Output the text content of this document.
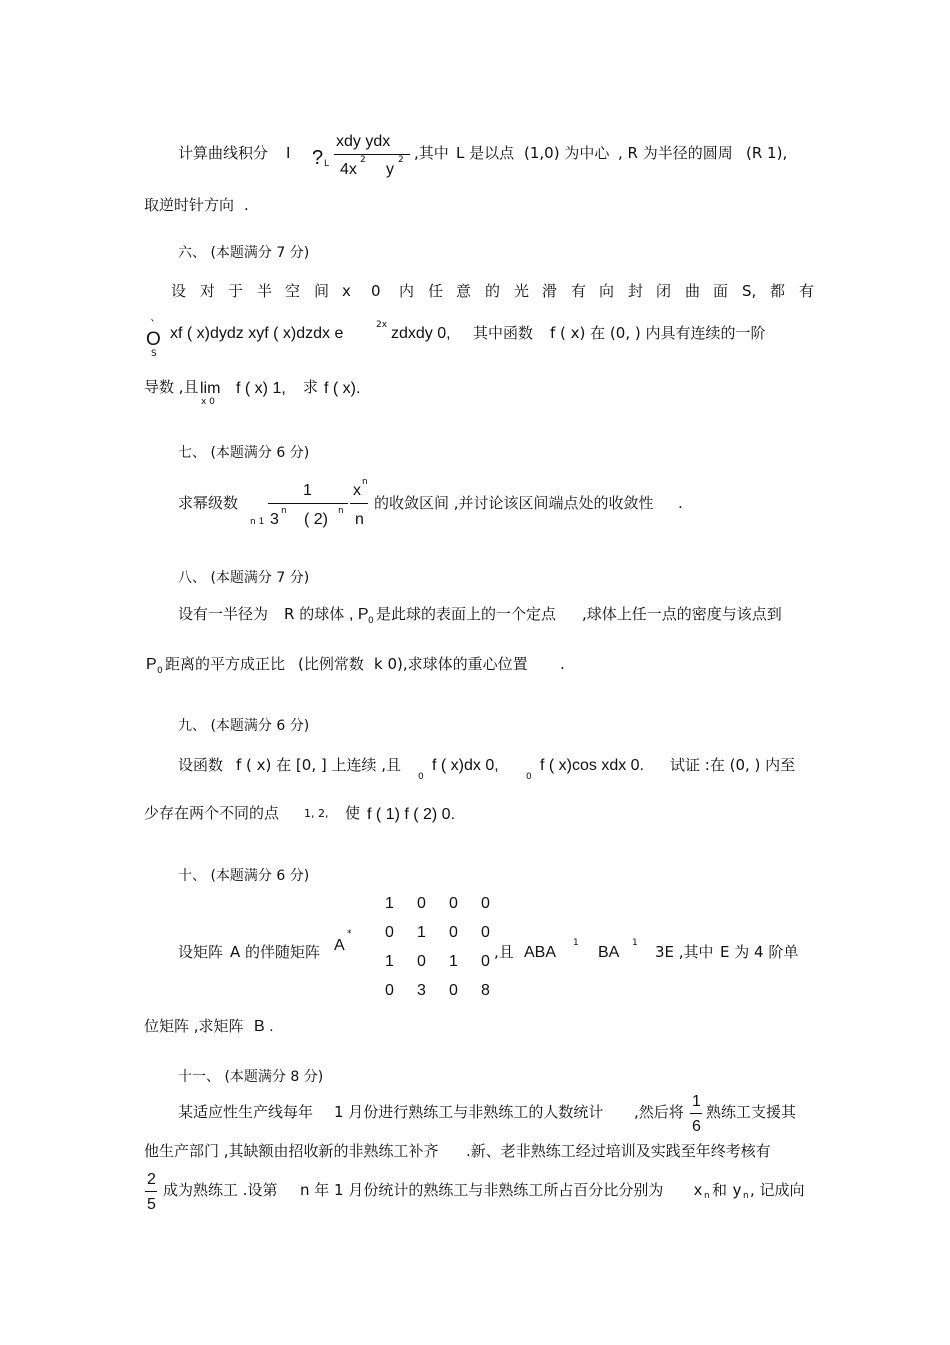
计算曲线积分 I ? L
xdy ydx
4x
2
y
2 ,其中 L 是以点 (1,0) 为中心 , R 为半径的圆周 (R 1),
取逆时针方向 .
六、 (本题满分 7 分)
设 对 于 半 空 间 x 0 内 任 意 的 光 滑 有 向 封 闭 曲 面 S, 都 有
`
O
S
xf ( x)dydz xyf ( x)dzdx e	2x zdxdy 0, 其中函数 f ( x) 在 (0, ) 内具有连续的一阶
导数 ,且 lim
x 0
f ( x) 1, 求 f ( x).
七、 (本题满分 6 分)
求幂级数
n 1
1
3 n ( 2) n
x n
n
的收敛区间 ,并讨论该区间端点处的收敛性 .
八、 (本题满分 7 分)
设有一半径为 R 的球体 , P 0 是此球的表面上的一个定点 ,球体上任一点的密度与该点到
P 0 距离的平方成正比 (比例常数 k 0),求球体的重心位置 .
九、 (本题满分 6 分)
设函数 f ( x) 在 [0, ] 上连续 ,且
0
f ( x)dx 0,
0
f ( x)cos xdx 0. 试证 :在 (0, ) 内至
少存在两个不同的点 1, 2, 使 f ( 1) f ( 2) 0.
十、 (本题满分 6 分)
设矩阵 A 的伴随矩阵 A
*
1 0 0 0
0 1 0 0
1 0 1 0
0 3 0 8
,且 ABA
1
BA
1 3E ,其中 E 为 4 阶单
位矩阵 ,求矩阵 B .
十一、 (本题满分 8 分)
某适应性生产线每年 1 月份进行熟练工与非熟练工的人数统计 ,然后将
1
6
熟练工支援其
他生产部门 ,其缺额由招收新的非熟练工补齐 .新、老非熟练工经过培训及实践至年终考核有
2
5
成为熟练工 .设第 n 年 1 月份统计的熟练工与非熟练工所占百分比分别为 x n 和 y n , 记成向
